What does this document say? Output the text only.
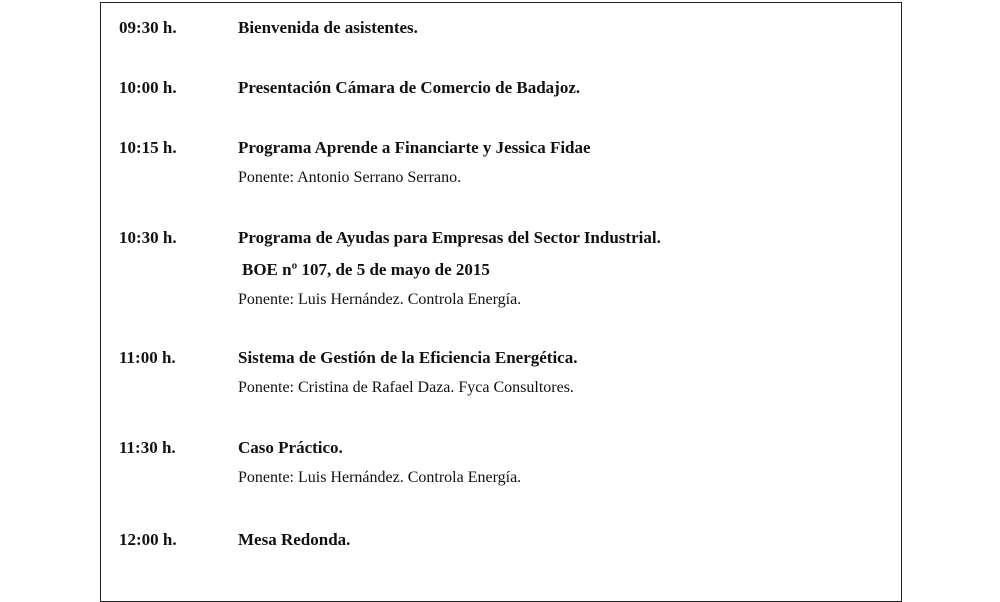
09:30 h.	Bienvenida de asistentes.
10:00 h.	Presentación Cámara de Comercio de Badajoz.
10:15 h.	Programa Aprende a Financiarte y Jessica Fidae
Ponente: Antonio Serrano Serrano.
10:30 h.	Programa de Ayudas para Empresas del Sector Industrial.
BOE nº 107, de 5 de mayo de 2015
Ponente: Luis Hernández. Controla Energía.
11:00 h.	Sistema de Gestión de la Eficiencia Energética.
Ponente: Cristina de Rafael Daza. Fyca Consultores.
11:30 h.	Caso Práctico.
Ponente: Luis Hernández. Controla Energía.
12:00 h.	Mesa Redonda.
